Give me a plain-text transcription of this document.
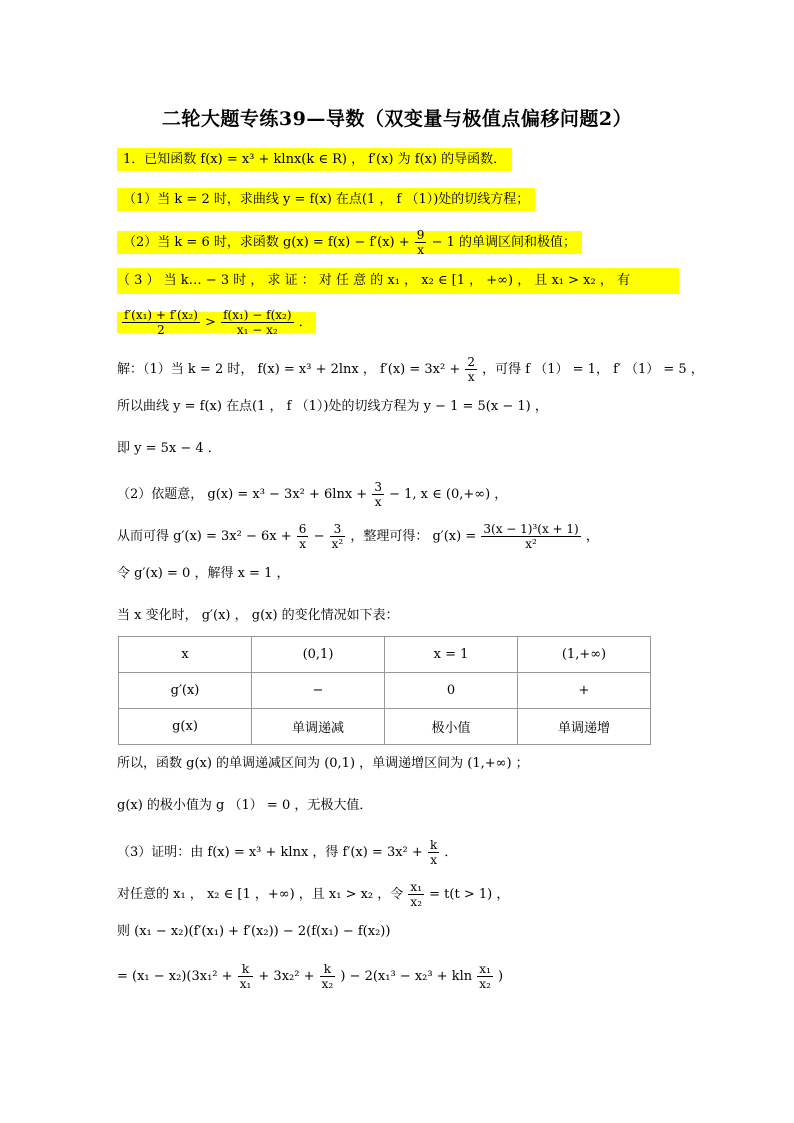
二轮大题专练39—导数（双变量与极值点偏移问题2）
1．已知函数 f(x) = x³ + klnx(k ∈ R) ， f′(x) 为 f(x) 的导函数．
（1）当 k = 2 时，求曲线 y = f(x) 在点(1 ， f （1）)处的切线方程；
（2）当 k = 6 时，求函数 $g(x) = f(x) - f'(x) + \frac{9}{x} - 1$ 的单调区间和极值；
（ 3 ） 当 k… − 3 时 ， 求 证 ： 对 任 意 的 x₁ ， x₂ ∈ [1 ， +∞) ， 且 x₁ > x₂ ， 有
$\frac{\text{f′(x₁) + f′(x₂)}}{2} > \frac{\text{f(x₁) − f(x₂)}}{\text{x₁ − x₂}}$ ．
解：（1）当 k = 2 时， f(x) = x³ + 2lnx ， $f'(x) = 3x^2 + \frac{2}{x}$ ，可得 f （1） = 1， f′ （1） = 5 ，
所以曲线 y = f(x) 在点(1 ， f （1）)处的切线方程为 y − 1 = 5(x − 1) ，
即 y = 5x − 4 ．
（2）依题意， $g(x) = x^3 - 3x^2 + 6\ln x + \frac{3}{x} - 1$, x ∈ (0,+∞) ，
从而可得 $g'(x) = 3x^2 - 6x + \frac{6}{x} - \frac{3}{\text{x²}}$ ，整理可得： $g'(x) = \frac{\text{3(x − 1)³(x + 1)}}{\text{x²}}$ ，
令 g′(x) = 0 ，解得 x = 1 ，
当 x 变化时， g′(x) ， g(x) 的变化情况如下表：
x	(0,1)	x = 1	(1,+∞)
g′(x)	−	0	+
g(x)	单调递减	极小值	单调递增
所以，函数 g(x) 的单调递减区间为 (0,1) ，单调递增区间为 (1,+∞) ；
g(x) 的极小值为 g （1） = 0 ，无极大值．
（3）证明：由 f(x) = x³ + klnx ，得 $f'(x) = 3x^2 + \frac{k}{x}$ ．
对任意的 x₁ ， x₂ ∈ [1 ，+∞) ，且 x₁ > x₂ ，令 $\frac{\text{x₁}}{\text{x₂}} = t(t > 1)$ ，
则 (x₁ − x₂)(f′(x₁) + f′(x₂)) − 2(f(x₁) − f(x₂))
= $(x_1 - x_2)(3x_1^2 + \frac{k}{\text{x₁}} + 3x_2^2 + \frac{k}{\text{x₂}}$ ) − 2(x₁³ − x₂³ + kln $\frac{\text{x₁}}{\text{x₂}}$ )
